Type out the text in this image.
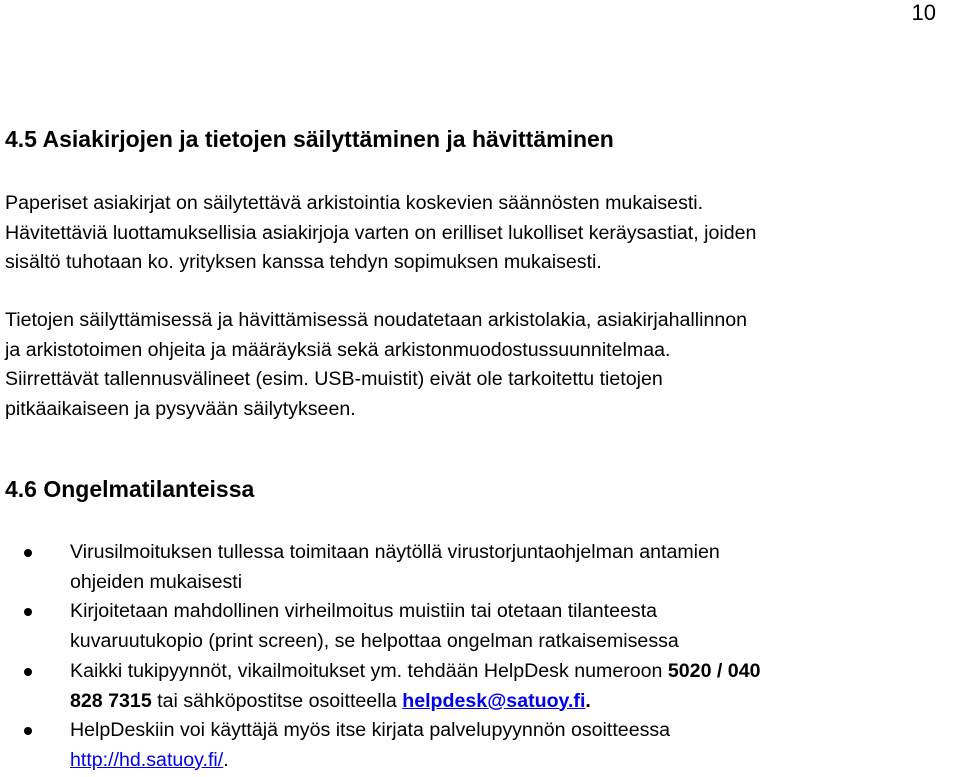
10
4.5 Asiakirjojen ja tietojen säilyttäminen ja hävittäminen
Paperiset asiakirjat on säilytettävä arkistointia koskevien säännösten mukaisesti.
Hävitettäviä luottamuksellisia asiakirjoja varten on erilliset lukolliset keräysastiat, joiden
sisältö tuhotaan ko. yrityksen kanssa tehdyn sopimuksen mukaisesti.
Tietojen säilyttämisessä ja hävittämisessä noudatetaan arkistolakia, asiakirjahallinnon
ja arkistotoimen ohjeita ja määräyksiä sekä arkistonmuodostussuunnitelmaa.
Siirrettävät tallennusvälineet (esim. USB-muistit) eivät ole tarkoitettu tietojen
pitkäaikaiseen ja pysyvään säilytykseen.
4.6 Ongelmatilanteissa
Virusilmoituksen tullessa toimitaan näytöllä virustorjuntaohjelman antamien
ohjeiden mukaisesti
Kirjoitetaan mahdollinen virheilmoitus muistiin tai otetaan tilanteesta
kuvaruutukopio (print screen), se helpottaa ongelman ratkaisemisessa
Kaikki tukipyynnöt, vikailmoitukset ym. tehdään HelpDesk numeroon 5020 / 040
828 7315 tai sähköpostitse osoitteella helpdesk@satuoy.fi.
HelpDeskiin voi käyttäjä myös itse kirjata palvelupyynnön osoitteessa
http://hd.satuoy.fi/.
